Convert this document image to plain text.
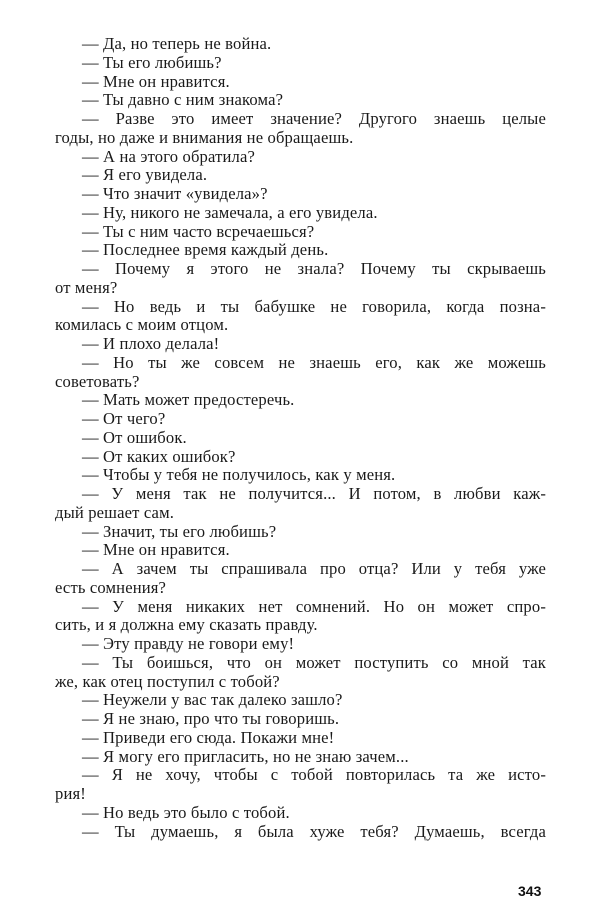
— Да, но теперь не война.
— Ты его любишь?
— Мне он нравится.
— Ты давно с ним знакома?
— Разве это имеет значение? Другого знаешь целые
годы, но даже и внимания не обращаешь.
— А на этого обратила?
— Я его увидела.
— Что значит «увидела»?
— Ну, никого не замечала, а его увидела.
— Ты с ним часто всречаешься?
— Последнее время каждый день.
— Почему я этого не знала? Почему ты скрываешь
от меня?
— Но ведь и ты бабушке не говорила, когда позна-
комилась с моим отцом.
— И плохо делала!
— Но ты же совсем не знаешь его, как же можешь
советовать?
— Мать может предостеречь.
— От чего?
— От ошибок.
— От каких ошибок?
— Чтобы у тебя не получилось, как у меня.
— У меня так не получится... И потом, в любви каж-
дый решает сам.
— Значит, ты его любишь?
— Мне он нравится.
— А зачем ты спрашивала про отца? Или у тебя уже
есть сомнения?
— У меня никаких нет сомнений. Но он может спро-
сить, и я должна ему сказать правду.
— Эту правду не говори ему!
— Ты боишься, что он может поступить со мной так
же, как отец поступил с тобой?
— Неужели у вас так далеко зашло?
— Я не знаю, про что ты говоришь.
— Приведи его сюда. Покажи мне!
— Я могу его пригласить, но не знаю зачем...
— Я не хочу, чтобы с тобой повторилась та же исто-
рия!
— Но ведь это было с тобой.
— Ты думаешь, я была хуже тебя? Думаешь, всегда
343
